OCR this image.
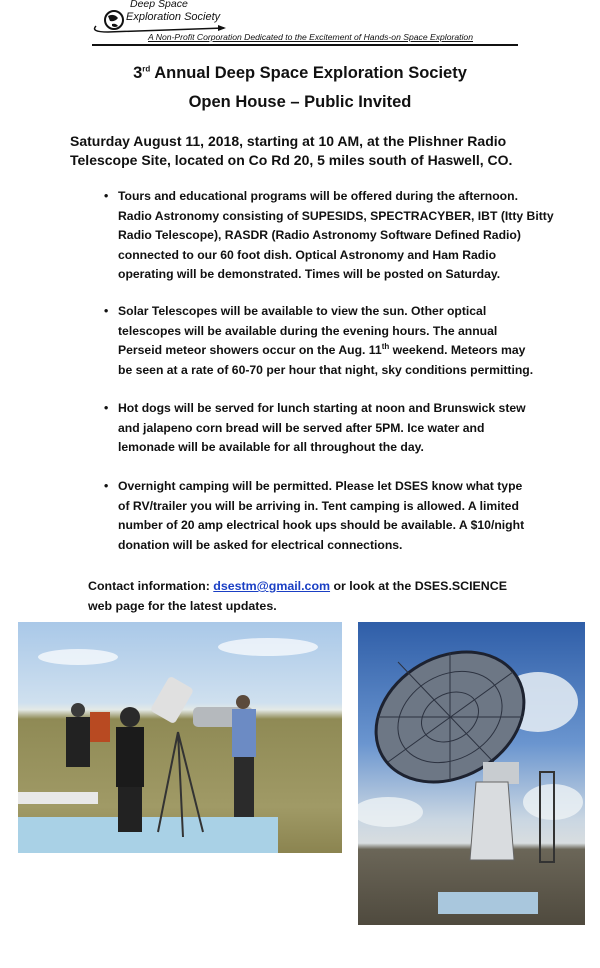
Deep Space
Exploration Society
A Non-Profit Corporation Dedicated to the Excitement of Hands-on Space Exploration
3rd Annual Deep Space Exploration Society
Open House – Public Invited
Saturday August 11, 2018, starting at 10 AM, at the Plishner Radio
Telescope Site, located on Co Rd 20, 5 miles south of Haswell, CO.
• Tours and educational programs will be offered during the afternoon.
Radio Astronomy consisting of SUPESIDS, SPECTRACYBER, IBT (Itty Bitty
Radio Telescope), RASDR (Radio Astronomy Software Defined Radio)
connected to our 60 foot dish. Optical Astronomy and Ham Radio
operating will be demonstrated. Times will be posted on Saturday.
• Solar Telescopes will be available to view the sun. Other optical
telescopes will be available during the evening hours. The annual
Perseid meteor showers occur on the Aug. 11th weekend. Meteors may
be seen at a rate of 60-70 per hour that night, sky conditions permitting.
• Hot dogs will be served for lunch starting at noon and Brunswick stew
and jalapeno corn bread will be served after 5PM. Ice water and
lemonade will be available for all throughout the day.
• Overnight camping will be permitted. Please let DSES know what type
of RV/trailer you will be arriving in. Tent camping is allowed. A limited
number of 20 amp electrical hook ups should be available. A $10/night
donation will be asked for electrical connections.
Contact information: dsestm@gmail.com or look at the DSES.SCIENCE
web page for the latest updates.
